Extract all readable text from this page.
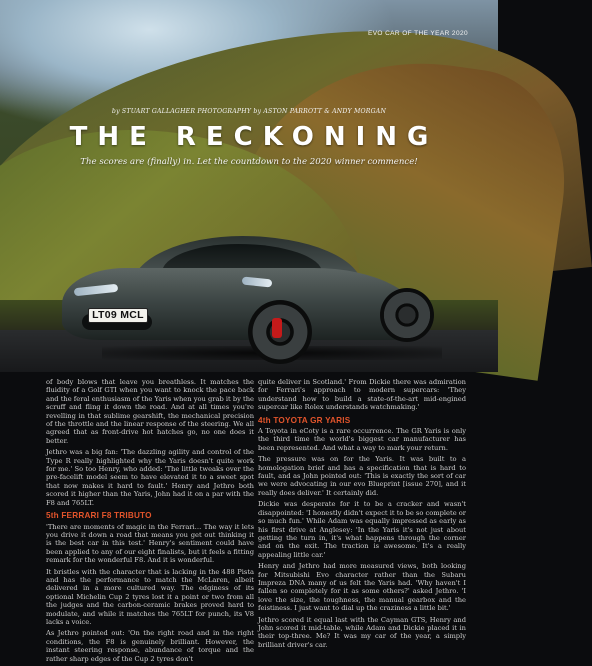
LT09 MCL
EVO CAR OF THE YEAR 2020
by STUART GALLAGHER PHOTOGRAPHY by ASTON PARROTT & ANDY MORGAN
THE RECKONING
The scores are (finally) in. Let the countdown to the 2020 winner commence!

of body blows that leave you breathless. It matches the fluidity of a Golf GTI when you want to knock the pace back and the feral enthusiasm of the Yaris when you grab it by the scruff and fling it down the road. And at all times you're revelling in that sublime gearshift, the mechanical precision of the throttle and the linear response of the steering. We all agreed that as front-drive hot hatches go, no one does it better.

Jethro was a big fan: 'The dazzling agility and control of the Type R really highlighted why the Yaris doesn't quite work for me.' So too Henry, who added: 'The little tweaks over the pre-facelift model seem to have elevated it to a sweet spot that now makes it hard to fault.' Henry and Jethro both scored it higher than the Yaris, John had it on a par with the F8 and 765LT.

5th FERRARI F8 TRIBUTO

'There are moments of magic in the Ferrari… The way it lets you drive it down a road that means you get out thinking it is the best car in this test.' Henry's sentiment could have been applied to any of our eight finalists, but it feels a fitting remark for the wonderful F8. And it is wonderful.

It bristles with the character that is lacking in the 488 Pista and has the performance to match the McLaren, albeit delivered in a more cultured way. The edginess of its optional Michelin Cup 2 tyres lost it a point or two from all the judges and the carbon-ceramic brakes proved hard to modulate, and while it matches the 765LT for punch, its V8 lacks a voice.

As Jethro pointed out: 'On the right road and in the right conditions, the F8 is genuinely brilliant. However, the instant steering response, abundance of torque and the rather sharp edges of the Cup 2 tyres don't

quite deliver in Scotland.' From Dickie there was admiration for Ferrari's approach to modern supercars: 'They understand how to build a state-of-the-art mid-engined supercar like Rolex understands watchmaking.'

4th TOYOTA GR YARIS

A Toyota in eCoty is a rare occurrence. The GR Yaris is only the third time the world's biggest car manufacturer has been represented. And what a way to mark your return.

The pressure was on for the Yaris. It was built to a homologation brief and has a specification that is hard to fault, and as John pointed out: 'This is exactly the sort of car we were advocating in our evo Blueprint [issue 270], and it really does deliver.' It certainly did.

Dickie was desperate for it to be a cracker and wasn't disappointed: 'I honestly didn't expect it to be so complete or so much fun.' While Adam was equally impressed as early as his first drive at Anglesey: 'In the Yaris it's not just about getting the turn in, it's what happens through the corner and on the exit. The traction is awesome. It's a really appealing little car.'

Henry and Jethro had more measured views, both looking for Mitsubishi Evo character rather than the Subaru Impreza DNA many of us felt the Yaris had. 'Why haven't I fallen so completely for it as some others?' asked Jethro. 'I love the size, the toughness, the manual gearbox and the feistiness. I just want to dial up the craziness a little bit.'

Jethro scored it equal last with the Cayman GTS, Henry and John scored it mid-table, while Adam and Dickie placed it in their top-three. Me? It was my car of the year, a simply brilliant driver's car.
